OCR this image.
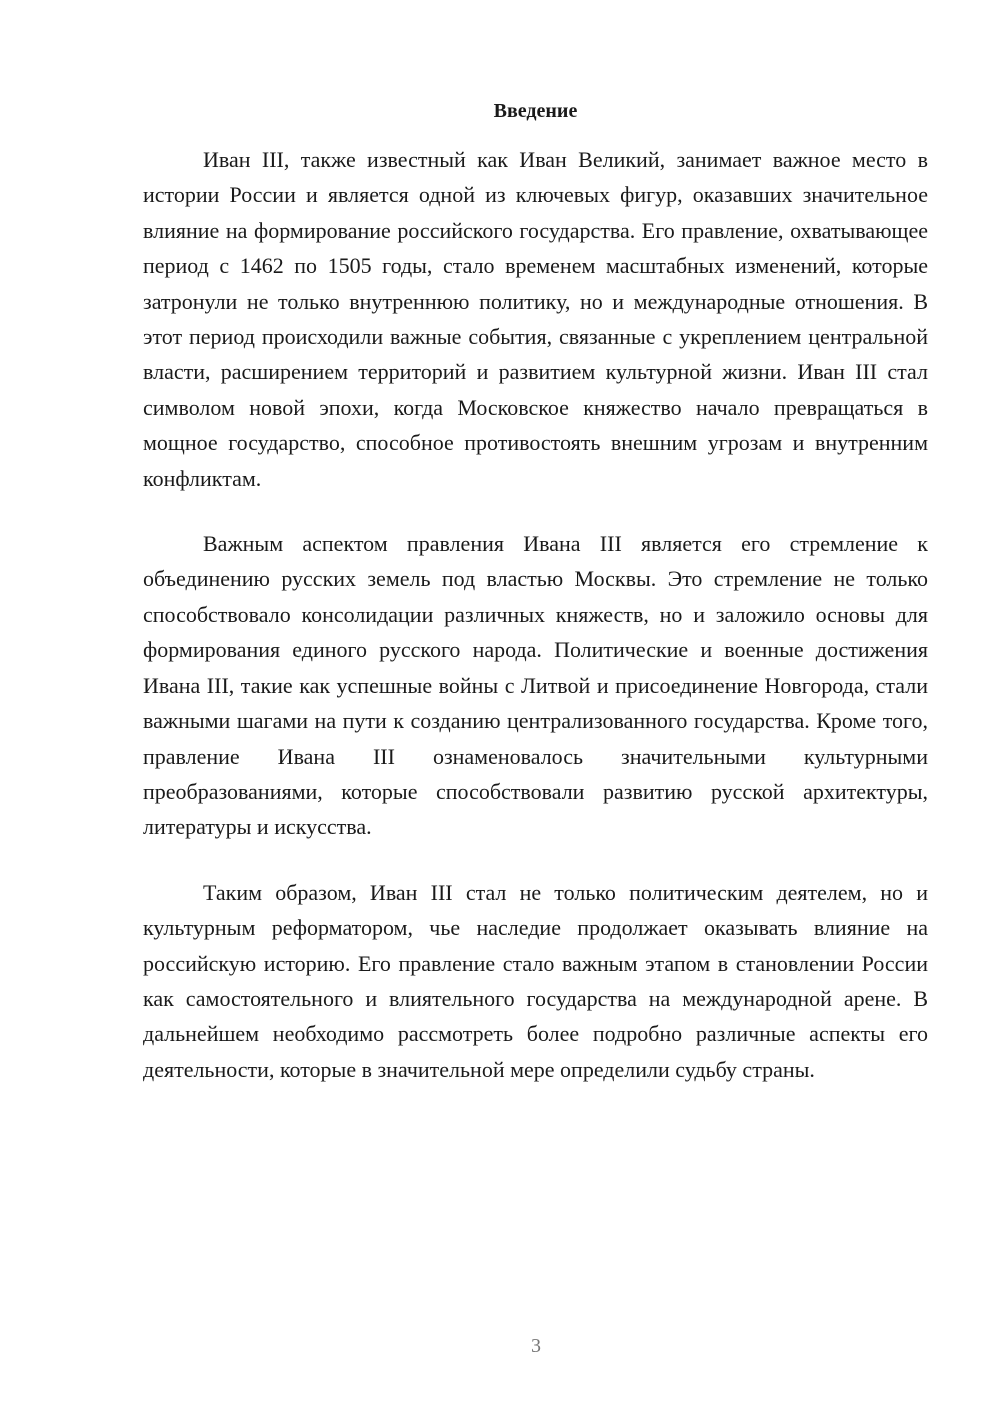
Введение

Иван III, также известный как Иван Великий, занимает важное место в истории России и является одной из ключевых фигур, оказавших значительное влияние на формирование российского государства. Его правление, охватывающее период с 1462 по 1505 годы, стало временем масштабных изменений, которые затронули не только внутреннюю политику, но и международные отношения. В этот период происходили важные события, связанные с укреплением центральной власти, расширением территорий и развитием культурной жизни. Иван III стал символом новой эпохи, когда Московское княжество начало превращаться в мощное государство, способное противостоять внешним угрозам и внутренним конфликтам.

Важным аспектом правления Ивана III является его стремление к объединению русских земель под властью Москвы. Это стремление не только способствовало консолидации различных княжеств, но и заложило основы для формирования единого русского народа. Политические и военные достижения Ивана III, такие как успешные войны с Литвой и присоединение Новгорода, стали важными шагами на пути к созданию централизованного государства. Кроме того, правление Ивана III ознаменовалось значительными культурными преобразованиями, которые способствовали развитию русской архитектуры, литературы и искусства.

Таким образом, Иван III стал не только политическим деятелем, но и культурным реформатором, чье наследие продолжает оказывать влияние на российскую историю. Его правление стало важным этапом в становлении России как самостоятельного и влиятельного государства на международной арене. В дальнейшем необходимо рассмотреть более подробно различные аспекты его деятельности, которые в значительной мере определили судьбу страны.

3
